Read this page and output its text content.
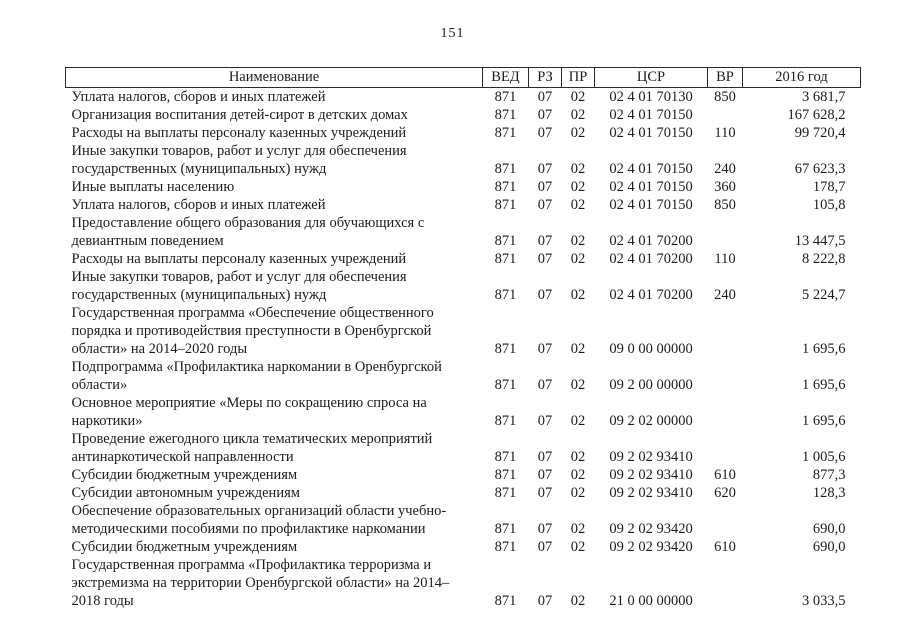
151
Наименование	ВЕД	РЗ	ПР	ЦСР	ВР	2016 год
Уплата налогов, сборов и иных платежей	871	07	02	02 4 01 70130	850	3 681,7
Организация воспитания детей-сирот в детских домах	871	07	02	02 4 01 70150		167 628,2
Расходы на выплаты персоналу казенных учреждений	871	07	02	02 4 01 70150	110	99 720,4
Иные закупки товаров, работ и услуг для обеспечения государственных (муниципальных) нужд	871	07	02	02 4 01 70150	240	67 623,3
Иные выплаты населению	871	07	02	02 4 01 70150	360	178,7
Уплата налогов, сборов и иных платежей	871	07	02	02 4 01 70150	850	105,8
Предоставление общего образования для обучающихся с девиантным поведением	871	07	02	02 4 01 70200		13 447,5
Расходы на выплаты персоналу казенных учреждений	871	07	02	02 4 01 70200	110	8 222,8
Иные закупки товаров, работ и услуг для обеспечения государственных (муниципальных) нужд	871	07	02	02 4 01 70200	240	5 224,7
Государственная программа «Обеспечение общественного порядка и противодействия преступности в Оренбургской области» на 2014–2020 годы	871	07	02	09 0 00 00000		1 695,6
Подпрограмма «Профилактика наркомании в Оренбургской области»	871	07	02	09 2 00 00000		1 695,6
Основное мероприятие «Меры по сокращению спроса на наркотики»	871	07	02	09 2 02 00000		1 695,6
Проведение ежегодного цикла тематических мероприятий антинаркотической направленности	871	07	02	09 2 02 93410		1 005,6
Субсидии бюджетным учреждениям	871	07	02	09 2 02 93410	610	877,3
Субсидии автономным учреждениям	871	07	02	09 2 02 93410	620	128,3
Обеспечение образовательных организаций области учебно-методическими пособиями по профилактике наркомании	871	07	02	09 2 02 93420		690,0
Субсидии бюджетным учреждениям	871	07	02	09 2 02 93420	610	690,0
Государственная программа «Профилактика терроризма и экстремизма на территории Оренбургской области» на 2014–2018 годы	871	07	02	21 0 00 00000		3 033,5
